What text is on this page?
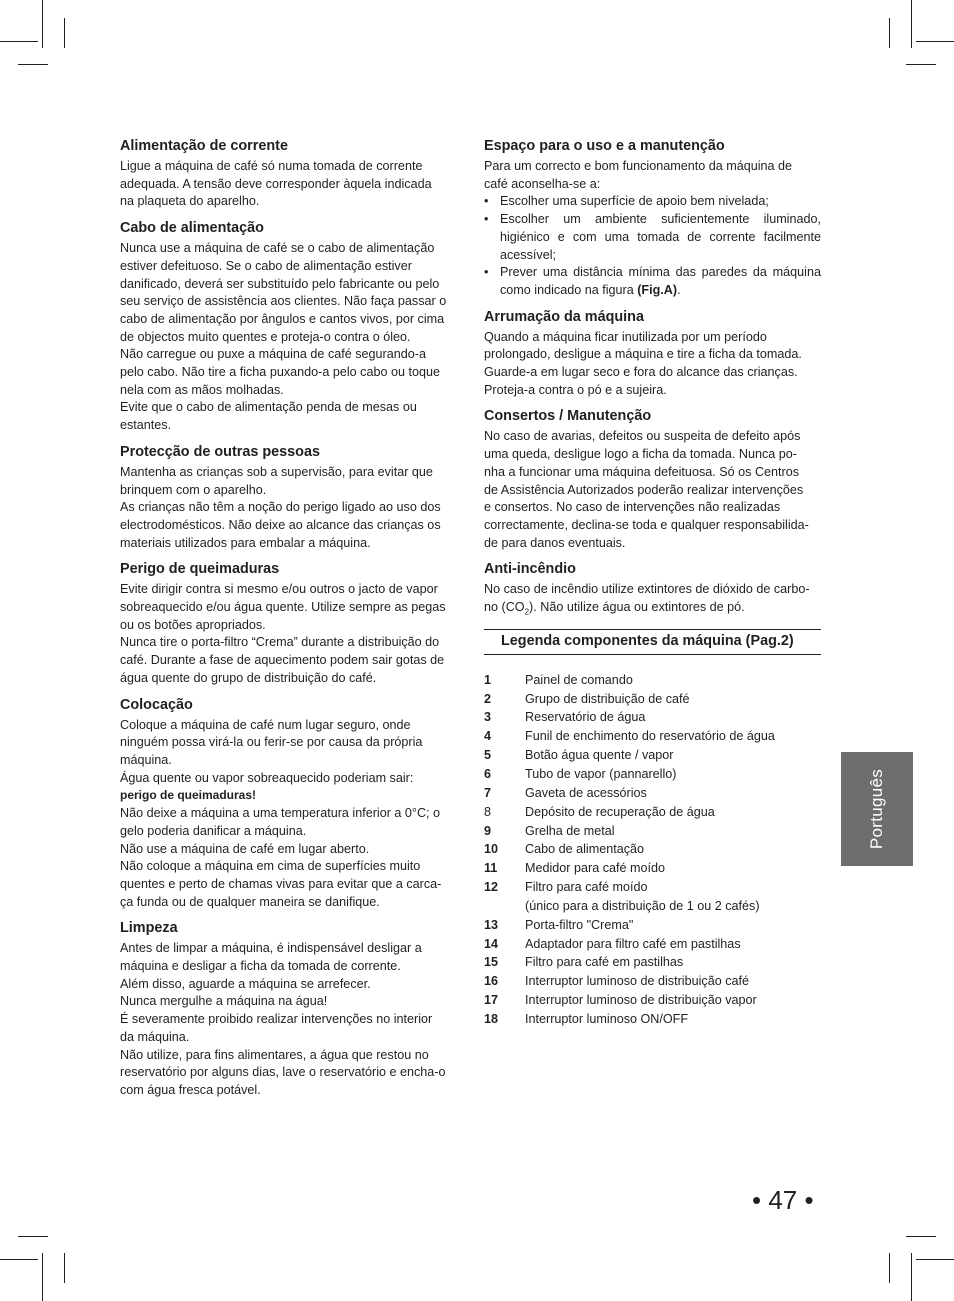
Alimentação de corrente

Ligue a máquina de café só numa tomada de corrente

adequada. A tensão deve corresponder àquela indicada

na plaqueta do aparelho.

Cabo de alimentação

Nunca use a máquina de café se o cabo de alimentação

estiver defeituoso. Se o cabo de alimentação estiver

danificado, deverá ser substituído pelo fabricante ou pelo

seu serviço de assistência aos clientes. Não faça passar o

cabo de alimentação por ângulos e cantos vivos, por cima

de objectos muito quentes e proteja-o contra o óleo.

Não carregue ou puxe a máquina de café segurando-a

pelo cabo. Não tire a ficha puxando-a pelo cabo ou toque

nela com as mãos molhadas.

Evite que o cabo de alimentação penda de mesas ou

estantes.

Protecção de outras pessoas

Mantenha as crianças sob a supervisão, para evitar que

brinquem com o aparelho.

As crianças não têm a noção do perigo ligado ao uso dos

electrodomésticos. Não deixe ao alcance das crianças os

materiais utilizados para embalar a máquina.

Perigo de queimaduras

Evite dirigir contra si mesmo e/ou outros o jacto de vapor

sobreaquecido e/ou água quente. Utilize sempre as pegas

ou os botões apropriados.

Nunca tire o porta-filtro “Crema” durante a distribuição do

café. Durante a fase de aquecimento podem sair gotas de

água quente do grupo de distribuição do café.

Colocação

Coloque a máquina de café num lugar seguro, onde

ninguém possa virá-la ou ferir-se por causa da própria

máquina.

Água quente ou vapor sobreaquecido poderiam sair:

perigo de queimaduras!

Não deixe a máquina a uma temperatura inferior a 0°C; o

gelo poderia danificar a máquina.

Não use a máquina de café em lugar aberto.

Não coloque a máquina em cima de superfícies muito

quentes e perto de chamas vivas para evitar que a carca-

ça funda ou de qualquer maneira se danifique.

Limpeza

Antes de limpar a máquina, é indispensável desligar a

máquina e desligar a ficha da tomada de corrente.

Além disso, aguarde a máquina se arrefecer.

Nunca mergulhe a máquina na água!

É severamente proibido realizar intervenções no interior

da máquina.

Não utilize, para fins alimentares, a água que restou no

reservatório por alguns dias, lave o reservatório e encha-o

com água fresca potável.

Espaço para o uso e a manutenção

Para um correcto e bom funcionamento da máquina de

café aconselha-se a:

• Escolher uma superfície de apoio bem nivelada;
• Escolher um ambiente suficientemente iluminado, higiénico e com uma tomada de corrente facilmente acessível;
• Prever uma distância mínima das paredes da máquina como indicado na figura (Fig.A).
Arrumação da máquina

Quando a máquina ficar inutilizada por um período

prolongado, desligue a máquina e tire a ficha da tomada.

Guarde-a em lugar seco e fora do alcance das crianças.

Proteja-a contra o pó e a sujeira.

Consertos / Manutenção

No caso de avarias, defeitos ou suspeita de defeito após

uma queda, desligue logo a ficha da tomada. Nunca po-

nha a funcionar uma máquina defeituosa. Só os Centros

de Assistência Autorizados poderão realizar intervenções

e consertos. No caso de intervenções não realizadas

correctamente, declina-se toda e qualquer responsabilida-

de para danos eventuais.

Anti-incêndio

No caso de incêndio utilize extintores de dióxido de carbo-

no $(CO_2)$. Não utilize água ou extintores de pó.

Legenda componentes da máquina (Pag.2)
1	Painel de comando
2	Grupo de distribuição de café
3	Reservatório de água
4	Funil de enchimento do reservatório de água
5	Botão água quente / vapor
6	Tubo de vapor (pannarello)
7	Gaveta de acessórios
8	Depósito de recuperação de água
9	Grelha de metal
10	Cabo de alimentação
11	Medidor para café moído
12	Filtro para café moído
(único para a distribuição de 1 ou 2 cafés)
13	Porta-filtro "Crema"
14	Adaptador para filtro café em pastilhas
15	Filtro para café em pastilhas
16	Interruptor luminoso de distribuição café
17	Interruptor luminoso de distribuição vapor
18	Interruptor luminoso ON/OFF
Português
• 47 •
